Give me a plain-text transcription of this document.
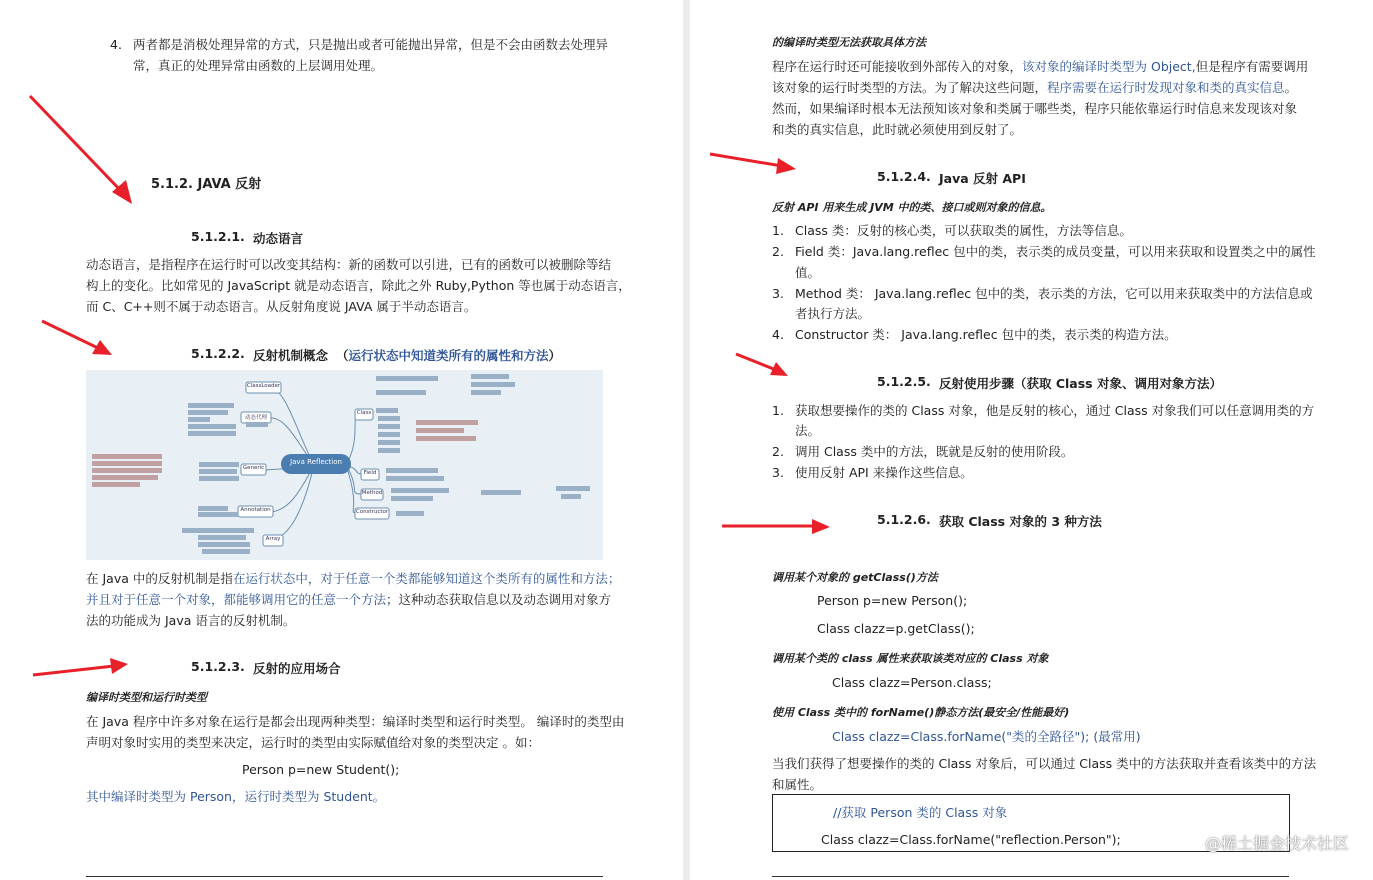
4. 两者都是消极处理异常的方式，只是抛出或者可能抛出异常，但是不会由函数去处理异
常，真正的处理异常由函数的上层调用处理。
5.1.2. JAVA 反射
5.1.2.1. 动态语言
动态语言，是指程序在运行时可以改变其结构：新的函数可以引进，已有的函数可以被删除等结
构上的变化。比如常见的 JavaScript 就是动态语言，除此之外 Ruby,Python 等也属于动态语言，
而 C、C++则不属于动态语言。从反射角度说 JAVA 属于半动态语言。
5.1.2.2. 反射机制概念 （运行状态中知道类所有的属性和方法）
Java Reflection
ClassLoader
动态代理
Generic
Annotation
Array
Class
Field
Method
Constructor
在 Java 中的反射机制是指在运行状态中，对于任意一个类都能够知道这个类所有的属性和方法；
并且对于任意一个对象，都能够调用它的任意一个方法；这种动态获取信息以及动态调用对象方
法的功能成为 Java 语言的反射机制。
5.1.2.3. 反射的应用场合
编译时类型和运行时类型
在 Java 程序中许多对象在运行是都会出现两种类型：编译时类型和运行时类型。 编译时的类型由
声明对象时实用的类型来决定，运行时的类型由实际赋值给对象的类型决定 。如：
Person p=new Student();
其中编译时类型为 Person，运行时类型为 Student。
的编译时类型无法获取具体方法
程序在运行时还可能接收到外部传入的对象，该对象的编译时类型为 Object,但是程序有需要调用
该对象的运行时类型的方法。为了解决这些问题，程序需要在运行时发现对象和类的真实信息。
然而，如果编译时根本无法预知该对象和类属于哪些类，程序只能依靠运行时信息来发现该对象
和类的真实信息，此时就必须使用到反射了。
5.1.2.4. Java 反射 API
反射 API 用来生成 JVM 中的类、接口或则对象的信息。
1. Class 类：反射的核心类，可以获取类的属性，方法等信息。
2. Field 类：Java.lang.reflec 包中的类，表示类的成员变量，可以用来获取和设置类之中的属性
值。
3. Method 类： Java.lang.reflec 包中的类，表示类的方法，它可以用来获取类中的方法信息或
者执行方法。
4. Constructor 类： Java.lang.reflec 包中的类，表示类的构造方法。
5.1.2.5. 反射使用步骤（获取 Class 对象、调用对象方法）
1. 获取想要操作的类的 Class 对象，他是反射的核心，通过 Class 对象我们可以任意调用类的方
法。
2. 调用 Class 类中的方法，既就是反射的使用阶段。
3. 使用反射 API 来操作这些信息。
5.1.2.6. 获取 Class 对象的 3 种方法
调用某个对象的 getClass()方法
Person p=new Person();
Class clazz=p.getClass();
调用某个类的 class 属性来获取该类对应的 Class 对象
Class clazz=Person.class;
使用 Class 类中的 forName()静态方法(最安全/性能最好)
Class clazz=Class.forName("类的全路径"); (最常用)
当我们获得了想要操作的类的 Class 对象后，可以通过 Class 类中的方法获取并查看该类中的方法
和属性。
//获取 Person 类的 Class 对象
Class clazz=Class.forName("reflection.Person");	@稀土掘金技术社区
